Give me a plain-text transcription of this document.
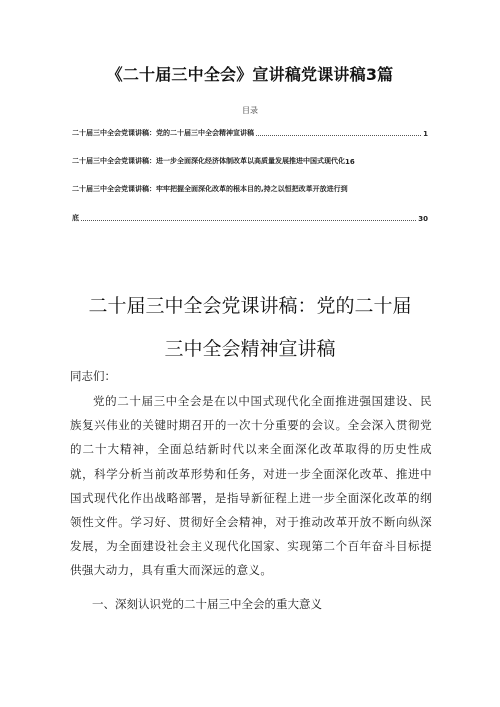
《二十届三中全会》宣讲稿党课讲稿3篇
目录
二十届三中全会党课讲稿：党的二十届三中全会精神宣讲稿	1
二十届三中全会党课讲稿：进一步全面深化经济体制改革以高质量发展推进中国式现代化 16
二十届三中全会党课讲稿：牢牢把握全面深化改革的根本目的,持之以恒把改革开放进行到
底	30
二十届三中全会党课讲稿：党的二十届
三中全会精神宣讲稿
同志们：
党的二十届三中全会是在以中国式现代化全面推进强国建设、民族复兴伟业的关键时期召开的一次十分重要的会议。全会深入贯彻党的二十大精神，全面总结新时代以来全面深化改革取得的历史性成就，科学分析当前改革形势和任务，对进一步全面深化改革、推进中国式现代化作出战略部署，是指导新征程上进一步全面深化改革的纲领性文件。学习好、贯彻好全会精神，对于推动改革开放不断向纵深发展，为全面建设社会主义现代化国家、实现第二个百年奋斗目标提供强大动力，具有重大而深远的意义。
一、深刻认识党的二十届三中全会的重大意义
